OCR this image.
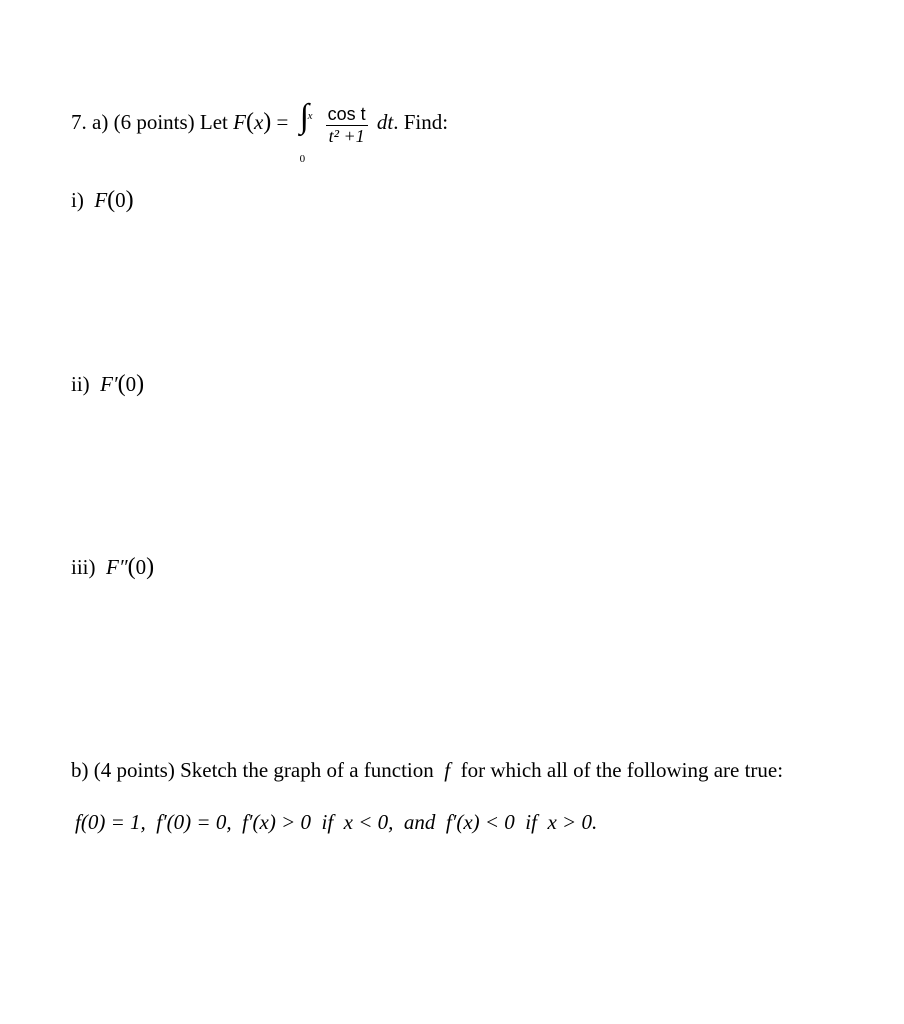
7. a) (6 points) Let F(x) = ∫
x
0
$\frac{\text{cos t}}{\text{t² +1}}$ dt. Find:
i) F(0)
ii) F′(0)
iii) F″(0)
b) (4 points) Sketch the graph of a function f for which all of the following are true:
f(0) = 1,  f′(0) = 0,  f′(x) > 0  if  x < 0,  and  f′(x) < 0  if  x > 0.
